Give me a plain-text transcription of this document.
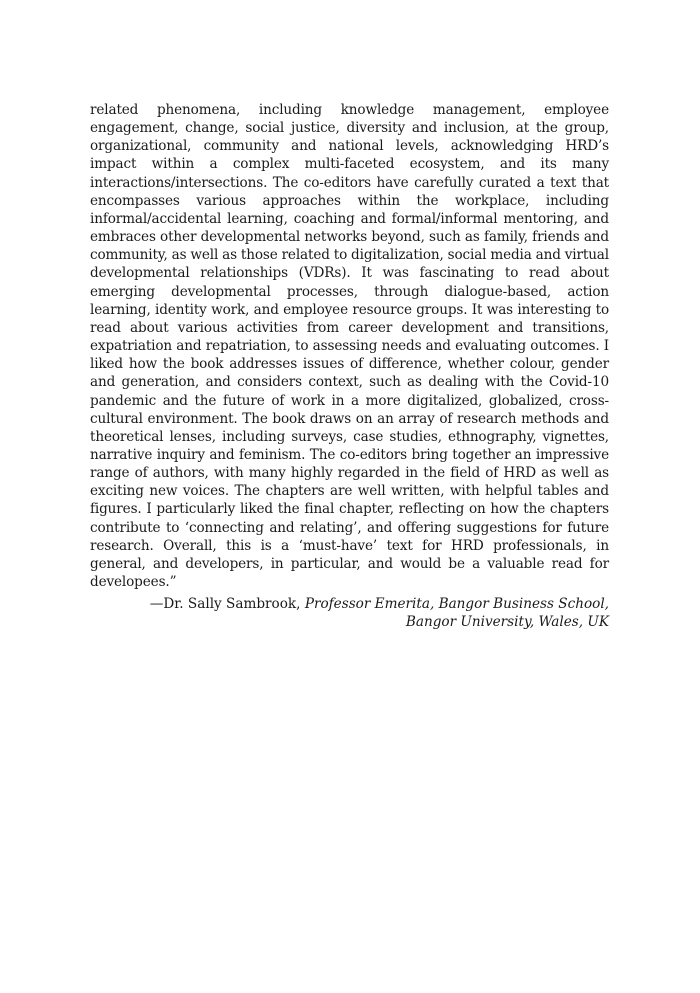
related phenomena, including knowledge management, employee engagement, change, social justice, diversity and inclusion, at the group, organizational, community and national levels, acknowledging HRD’s impact within a complex multi-faceted ecosystem, and its many interactions/intersections. The co-editors have carefully curated a text that encompasses various approaches within the workplace, including informal/accidental learning, coaching and formal/informal mentoring, and embraces other developmental networks beyond, such as family, friends and community, as well as those related to digitalization, social media and virtual developmental relationships (VDRs). It was fascinating to read about emerging developmental processes, through dialogue-based, action learning, identity work, and employee resource groups. It was interesting to read about various activities from career development and transitions, expatriation and repatriation, to assessing needs and evaluating outcomes. I liked how the book addresses issues of difference, whether colour, gender and generation, and considers context, such as dealing with the Covid-10 pandemic and the future of work in a more digitalized, globalized, cross-cultural environment. The book draws on an array of research methods and theoretical lenses, including surveys, case studies, ethnography, vignettes, narrative inquiry and feminism. The co-editors bring together an impressive range of authors, with many highly regarded in the field of HRD as well as exciting new voices. The chapters are well written, with helpful tables and figures. I particularly liked the final chapter, reflecting on how the chapters contribute to ‘connecting and relating’, and offering suggestions for future research. Overall, this is a ‘must-have’ text for HRD professionals, in general, and developers, in particular, and would be a valuable read for developees.”

—Dr. Sally Sambrook, Professor Emerita, Bangor Business School, Bangor University, Wales, UK
